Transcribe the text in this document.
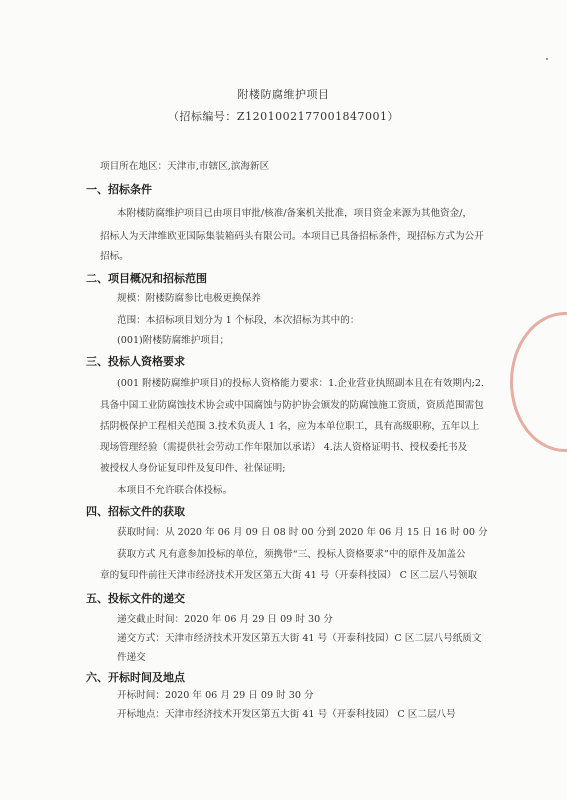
附楼防腐维护项目
（招标编号：Z1201002177001847001）
项目所在地区：天津市,市辖区,滨海新区
一、招标条件
本附楼防腐维护项目已由项目审批/核准/备案机关批准，项目资金来源为其他资金/，
招标人为天津维欧亚国际集装箱码头有限公司。本项目已具备招标条件，现招标方式为公开
招标。
二、项目概况和招标范围
规模：附楼防腐参比电极更换保养
范围：本招标项目划分为 1 个标段，本次招标为其中的：
(001)附楼防腐维护项目；
三、投标人资格要求
(001 附楼防腐维护项目)的投标人资格能力要求：1.企业营业执照副本且在有效期内;2.
具备中国工业防腐蚀技术协会或中国腐蚀与防护协会颁发的防腐蚀施工资质，资质范围需包
括阴极保护工程相关范围 3.技术负责人 1 名，应为本单位职工，具有高级职称，五年以上
现场管理经验（需提供社会劳动工作年限加以承诺） 4.法人资格证明书、授权委托书及
被授权人身份证复印件及复印件、社保证明;
本项目不允许联合体投标。
四、招标文件的获取
获取时间：从 2020 年 06 月 09 日 08 时 00 分到 2020 年 06 月 15 日 16 时 00 分
获取方式 凡有意参加投标的单位，须携带“三、投标人资格要求”中的原件及加盖公
章的复印件前往天津市经济技术开发区第五大街 41 号（开泰科技园） C 区二层八号领取
五、投标文件的递交
递交截止时间：2020 年 06 月 29 日 09 时 30 分
递交方式：天津市经济技术开发区第五大街 41 号（开泰科技园）C 区二层八号纸质文
件递交
六、开标时间及地点
开标时间：2020 年 06 月 29 日 09 时 30 分
开标地点：天津市经济技术开发区第五大街 41 号（开泰科技园） C 区二层八号
